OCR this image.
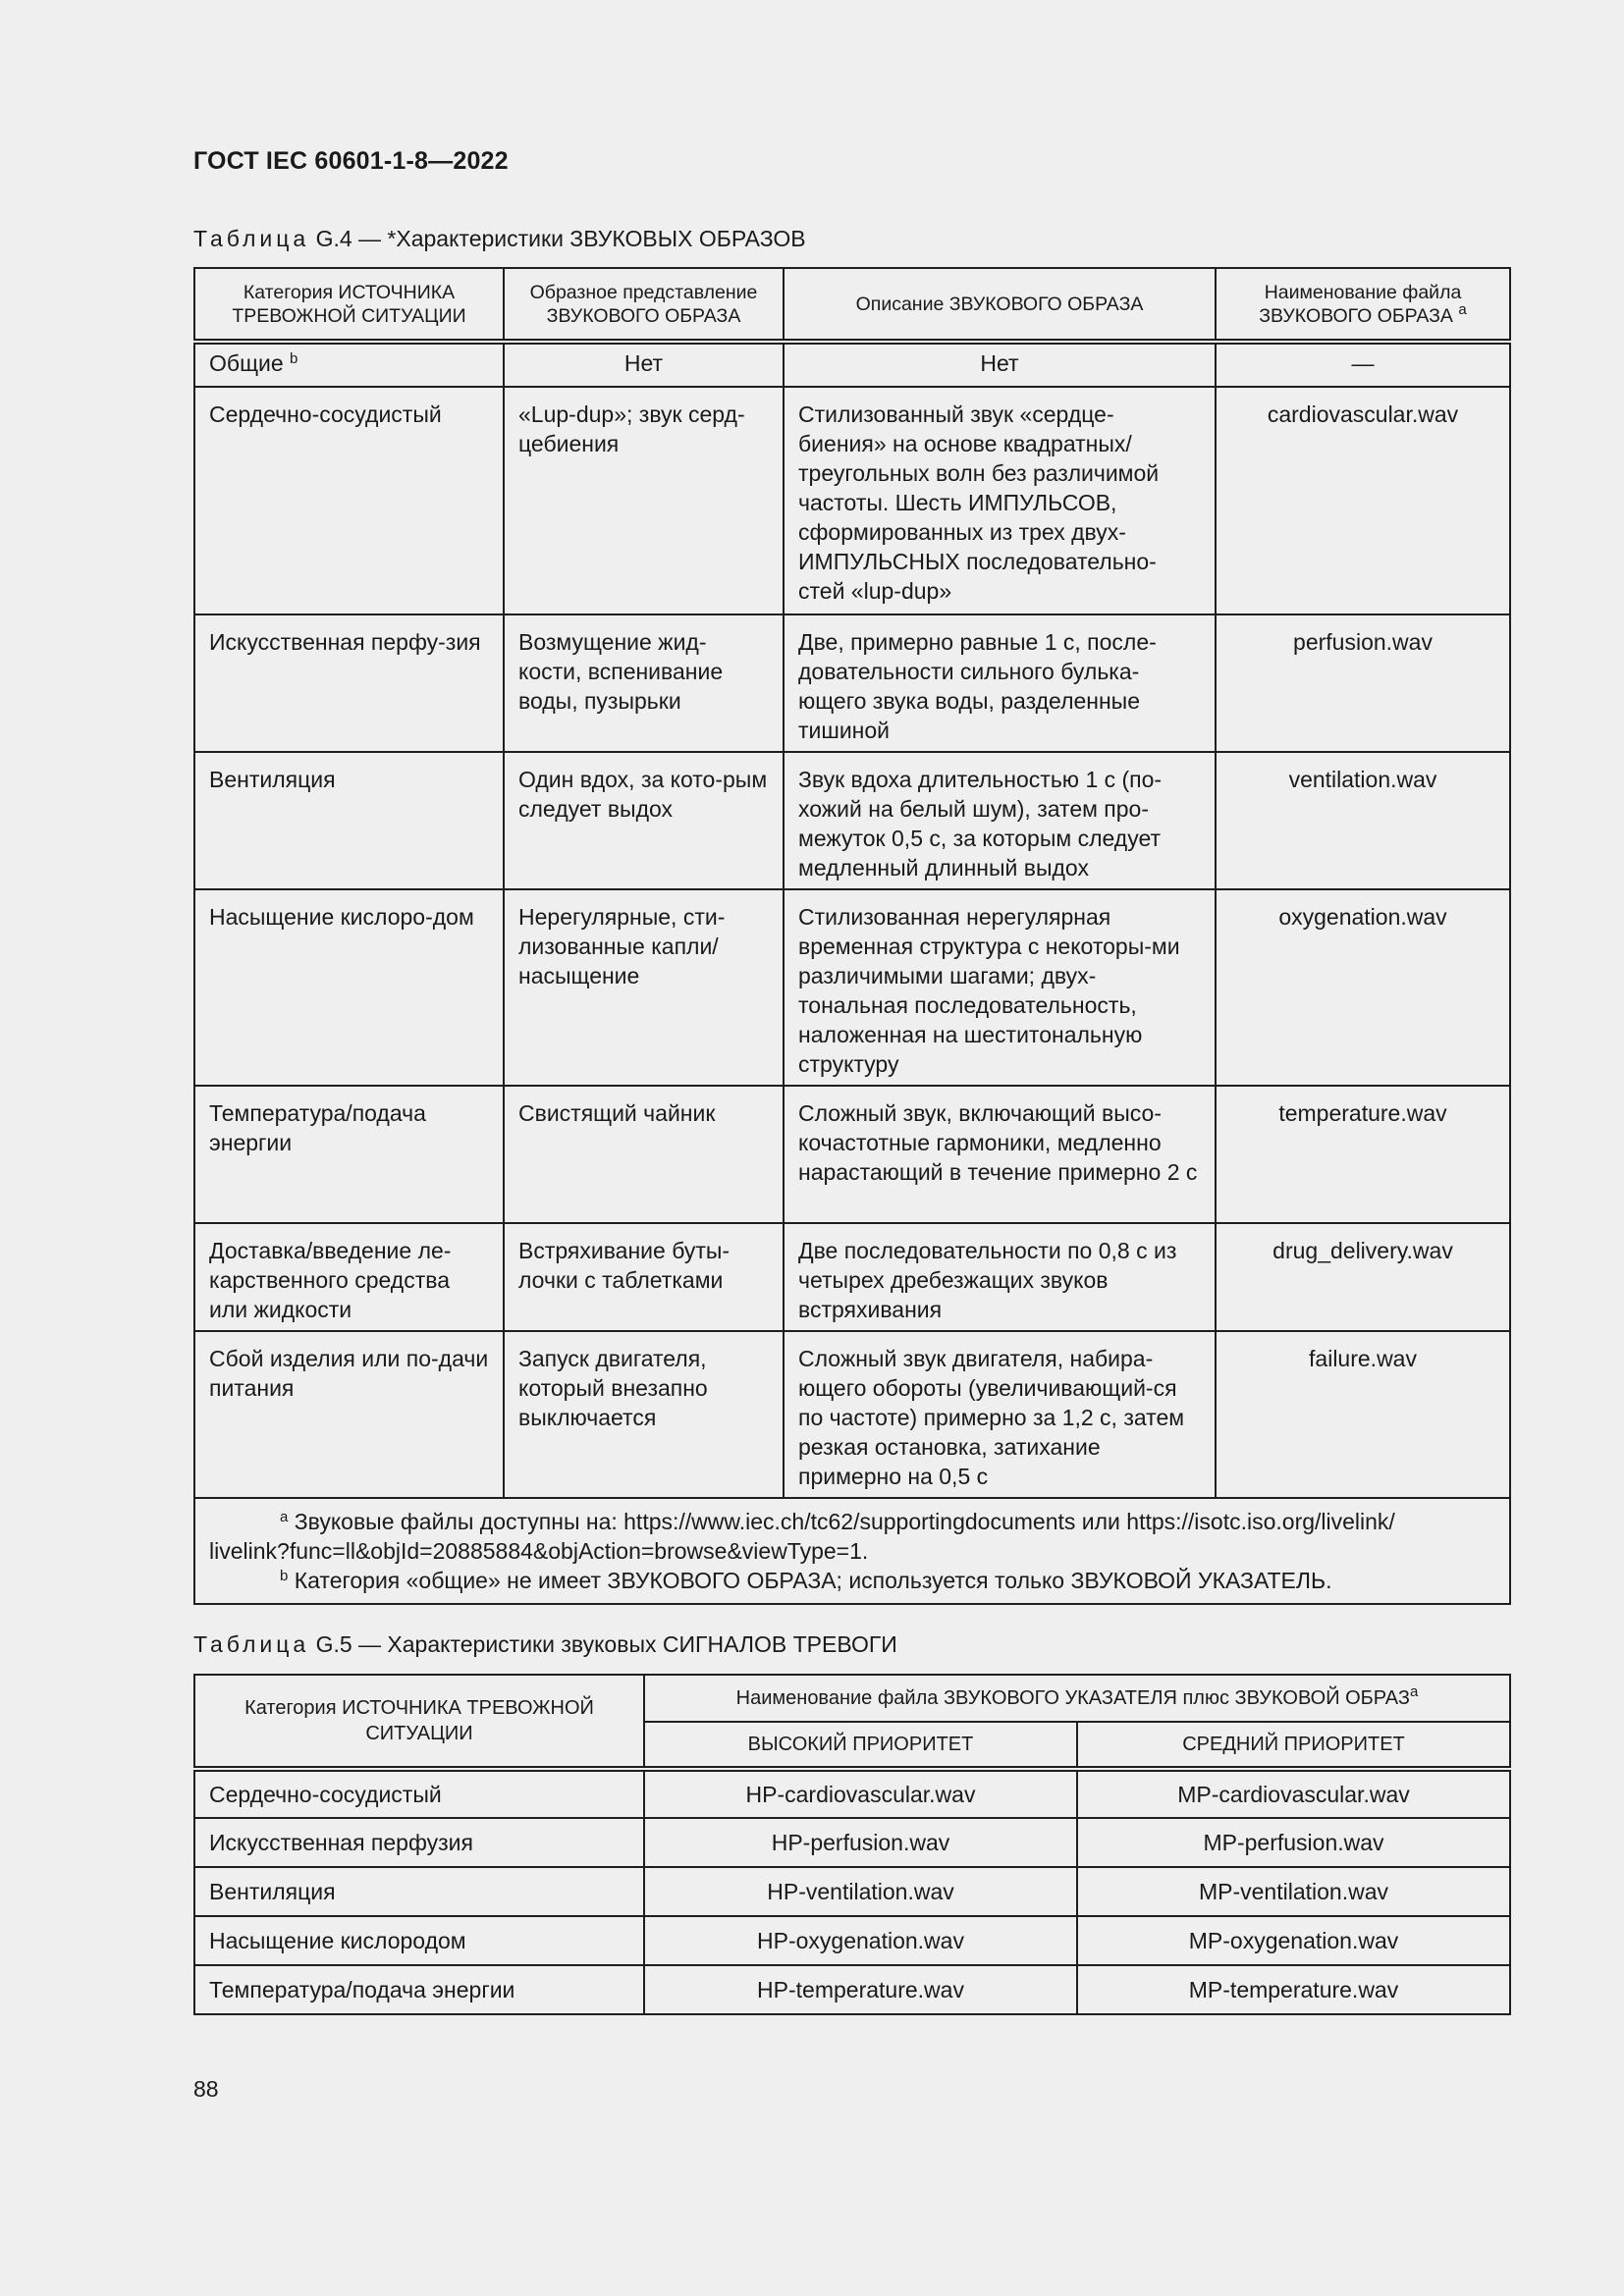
ГОСТ IEC 60601-1-8—2022
Таблица G.4 — *Характеристики ЗВУКОВЫХ ОБРАЗОВ
Категория ИСТОЧНИКА ТРЕВОЖНОЙ СИТУАЦИИ	Образное представление ЗВУКОВОГО ОБРАЗА	Описание ЗВУКОВОГО ОБРАЗА	Наименование файла ЗВУКОВОГО ОБРАЗА $^a$
Общие $^b$	Нет	Нет	—
Сердечно-сосудистый	«Lup-dup»; звук серд-цебиения	Стилизованный звук «сердце-биения» на основе квадратных/треугольных волн без различимой частоты. Шесть ИМПУЛЬСОВ, сформированных из трех двух-ИМПУЛЬСНЫХ последовательно-стей «lup-dup»	cardiovascular.wav
Искусственная перфу-зия	Возмущение жид-кости, вспенивание воды, пузырьки	Две, примерно равные 1 с, после-довательности сильного булька-ющего звука воды, разделенные тишиной	perfusion.wav
Вентиляция	Один вдох, за кото-рым следует выдох	Звук вдоха длительностью 1 с (по-хожий на белый шум), затем про-межуток 0,5 с, за которым следует медленный длинный выдох	ventilation.wav
Насыщение кислоро-дом	Нерегулярные, сти-лизованные капли/насыщение	Стилизованная нерегулярная временная структура с некоторы-ми различимыми шагами; двух-тональная последовательность, наложенная на шеститональную структуру	oxygenation.wav
Температура/подача энергии	Свистящий чайник	Сложный звук, включающий высо-кочастотные гармоники, медленно нарастающий в течение примерно 2 с	temperature.wav
Доставка/введение ле-карственного средства или жидкости	Встряхивание буты-лочки с таблетками	Две последовательности по 0,8 с из четырех дребезжащих звуков встряхивания	drug_delivery.wav
Сбой изделия или по-дачи питания	Запуск двигателя, который внезапно выключается	Сложный звук двигателя, набира-ющего обороты (увеличивающий-ся по частоте) примерно за 1,2 с, затем резкая остановка, затихание примерно на 0,5 с	failure.wav

$^a$ Звуковые файлы доступны на: https://www.iec.ch/tc62/supportingdocuments или https://isotc.iso.org/livelink/
livelink?func=ll&objId=20885884&objAction=browse&viewType=1.
$^b$ Категория «общие» не имеет ЗВУКОВОГО ОБРАЗА; используется только ЗВУКОВОЙ УКАЗАТЕЛЬ.			
Таблица G.5 — Характеристики звуковых СИГНАЛОВ ТРЕВОГИ
Категория ИСТОЧНИКА ТРЕВОЖНОЙ СИТУАЦИИ	Наименование файла ЗВУКОВОГО УКАЗАТЕЛЯ плюс ЗВУКОВОЙ ОБРАЗ$^a$
	ВЫСОКИЙ ПРИОРИТЕТ	СРЕДНИЙ ПРИОРИТЕТ
Сердечно-сосудистый	HP-cardiovascular.wav	MP-cardiovascular.wav
Искусственная перфузия	HP-perfusion.wav	MP-perfusion.wav
Вентиляция	HP-ventilation.wav	MP-ventilation.wav
Насыщение кислородом	HP-oxygenation.wav	MP-oxygenation.wav
Температура/подача энергии	HP-temperature.wav	MP-temperature.wav
88
